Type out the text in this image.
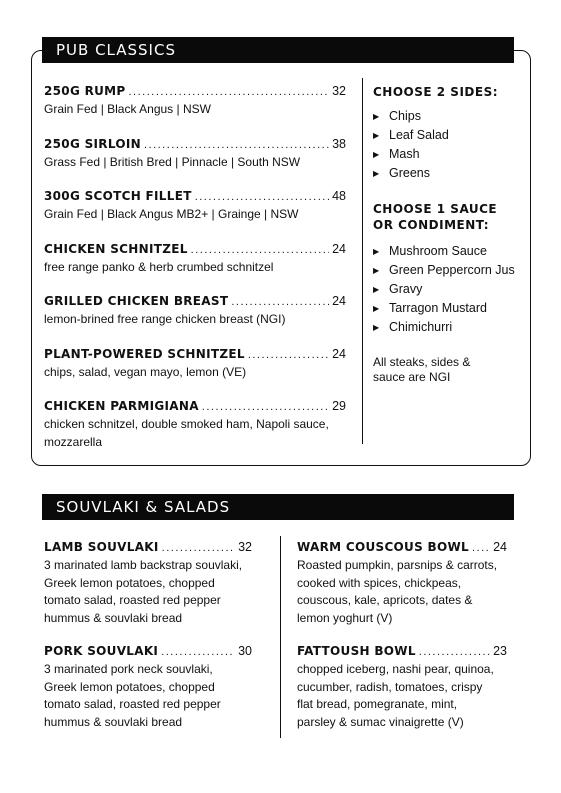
PUB CLASSICS
250G RUMP .....	32
Grain Fed | Black Angus | NSW
250G SIRLOIN .....	38
Grass Fed | British Bred | Pinnacle | South NSW
300G SCOTCH FILLET .....	48
Grain Fed | Black Angus MB2+ | Grainge | NSW
CHICKEN SCHNITZEL .....	24
free range panko & herb crumbed schnitzel
GRILLED CHICKEN BREAST .....	24
lemon-brined free range chicken breast (NGI)
PLANT-POWERED SCHNITZEL .....	24
chips, salad, vegan mayo, lemon (VE)
CHICKEN PARMIGIANA .....	29
chicken schnitzel, double smoked ham, Napoli sauce,
mozzarella
CHOOSE 2 SIDES:
▶ Chips
▶ Leaf Salad
▶ Mash
▶ Greens
CHOOSE 1 SAUCE
OR CONDIMENT:
▶ Mushroom Sauce
▶ Green Peppercorn Jus
▶ Gravy
▶ Tarragon Mustard
▶ Chimichurri
All steaks, sides &
sauce are NGI
SOUVLAKI & SALADS
LAMB SOUVLAKI .....	32
3 marinated lamb backstrap souvlaki,
Greek lemon potatoes, chopped
tomato salad, roasted red pepper
hummus & souvlaki bread
PORK SOUVLAKI .....	30
3 marinated pork neck souvlaki,
Greek lemon potatoes, chopped
tomato salad, roasted red pepper
hummus & souvlaki bread
WARM COUSCOUS BOWL ..... 24
Roasted pumpkin, parsnips & carrots,
cooked with spices, chickpeas,
couscous, kale, apricots, dates &
lemon yoghurt (V)
FATTOUSH BOWL .....	23
chopped iceberg, nashi pear, quinoa,
cucumber, radish, tomatoes, crispy
flat bread, pomegranate, mint,
parsley & sumac vinaigrette (V)
